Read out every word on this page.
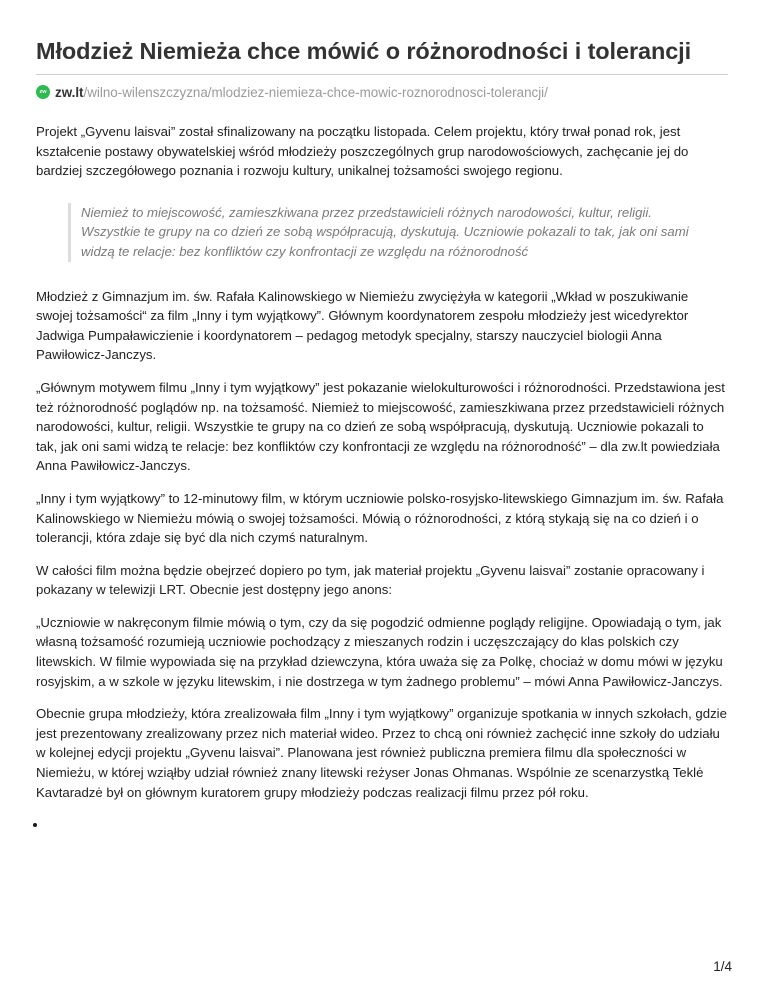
Młodzież Niemieża chce mówić o różnorodności i tolerancji
zw zw.lt /wilno-wilenszczyzna/mlodziez-niemieza-chce-mowic-roznorodnosci-tolerancji/

Projekt „Gyvenu laisvai” został sfinalizowany na początku listopada. Celem projektu, który trwał ponad rok, jest kształcenie postawy obywatelskiej wśród młodzieży poszczególnych grup narodowościowych, zachęcanie jej do bardziej szczegółowego poznania i rozwoju kultury, unikalnej tożsamości swojego regionu.

Niemież to miejscowość, zamieszkiwana przez przedstawicieli różnych narodowości, kultur, religii. Wszystkie te grupy na co dzień ze sobą współpracują, dyskutują. Uczniowie pokazali to tak, jak oni sami widzą te relacje: bez konfliktów czy konfrontacji ze względu na różnorodność

Młodzież z Gimnazjum im. św. Rafała Kalinowskiego w Niemieżu zwyciężyła w kategorii „Wkład w poszukiwanie swojej tożsamości“ za film „Inny i tym wyjątkowy”. Głównym koordynatorem zespołu młodzieży jest wicedyrektor Jadwiga Pumpaławiczienie i koordynatorem – pedagog metodyk specjalny, starszy nauczyciel biologii Anna Pawiłowicz-Janczys.

„Głównym motywem filmu „Inny i tym wyjątkowy” jest pokazanie wielokulturowości i różnorodności. Przedstawiona jest też różnorodność poglądów np. na tożsamość. Niemież to miejscowość, zamieszkiwana przez przedstawicieli różnych narodowości, kultur, religii. Wszystkie te grupy na co dzień ze sobą współpracują, dyskutują. Uczniowie pokazali to tak, jak oni sami widzą te relacje: bez konfliktów czy konfrontacji ze względu na różnorodność” – dla zw.lt powiedziała Anna Pawiłowicz-Janczys.

„Inny i tym wyjątkowy” to 12-minutowy film, w którym uczniowie polsko-rosyjsko-litewskiego Gimnazjum im. św. Rafała Kalinowskiego w Niemieżu mówią o swojej tożsamości. Mówią o różnorodności, z którą stykają się na co dzień i o tolerancji, która zdaje się być dla nich czymś naturalnym.

W całości film można będzie obejrzeć dopiero po tym, jak materiał projektu „Gyvenu laisvai” zostanie opracowany i pokazany w telewizji LRT. Obecnie jest dostępny jego anons:

„Uczniowie w nakręconym filmie mówią o tym, czy da się pogodzić odmienne poglądy religijne. Opowiadają o tym, jak własną tożsamość rozumieją uczniowie pochodzący z mieszanych rodzin i uczęszczający do klas polskich czy litewskich. W filmie wypowiada się na przykład dziewczyna, która uważa się za Polkę, chociaż w domu mówi w języku rosyjskim, a w szkole w języku litewskim, i nie dostrzega w tym żadnego problemu” – mówi Anna Pawiłowicz-Janczys.

Obecnie grupa młodzieży, która zrealizowała film „Inny i tym wyjątkowy” organizuje spotkania w innych szkołach, gdzie jest prezentowany zrealizowany przez nich materiał wideo. Przez to chcą oni również zachęcić inne szkoły do udziału w kolejnej edycji projektu „Gyvenu laisvai”. Planowana jest również publiczna premiera filmu dla społeczności w Niemieżu, w której wziąłby udział również znany litewski reżyser Jonas Ohmanas. Wspólnie ze scenarzystką Teklė Kavtaradzė był on głównym kuratorem grupy młodzieży podczas realizacji filmu przez pół roku.

•
1/4
